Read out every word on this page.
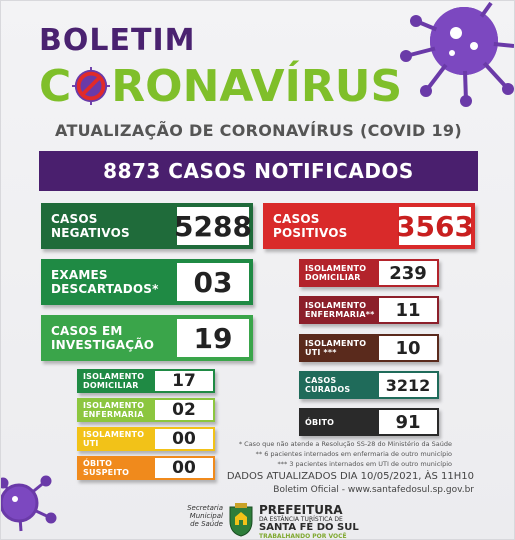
BOLETIM
C RONAVÍRUS
ATUALIZAÇÃO DE CORONAVÍRUS (COVID 19)
8873 CASOS NOTIFICADOS
CASOS
NEGATIVOS 5288
EXAMES
DESCARTADOS*	03
CASOS EM
INVESTIGAÇÃO	19
ISOLAMENTO
DOMICILIAR	17
ISOLAMENTO
ENFERMARIA	02
ISOLAMENTO
UTI	00
ÓBITO
SUSPEITO	00
CASOS
POSITIVOS 3563
ISOLAMENTO
DOMICILIAR	239
ISOLAMENTO
ENFERMARIA**	11
ISOLAMENTO
UTI ***	10
CASOS
CURADOS	3212
ÓBITO	91
* Caso que não atende a Resolução SS-28 do Ministério da Saúde
** 6 pacientes internados em enfermaria de outro município
*** 3 pacientes internados em UTI de outro município
DADOS ATUALIZADOS DIA 10/05/2021, ÀS 11H10
Boletim Oficial - www.santafedosul.sp.gov.br
Secretaria
Municipal
de Saúde
PREFEITURA
DA ESTÂNCIA TURÍSTICA DE
SANTA FÉ DO SUL
TRABALHANDO POR VOCÊ
